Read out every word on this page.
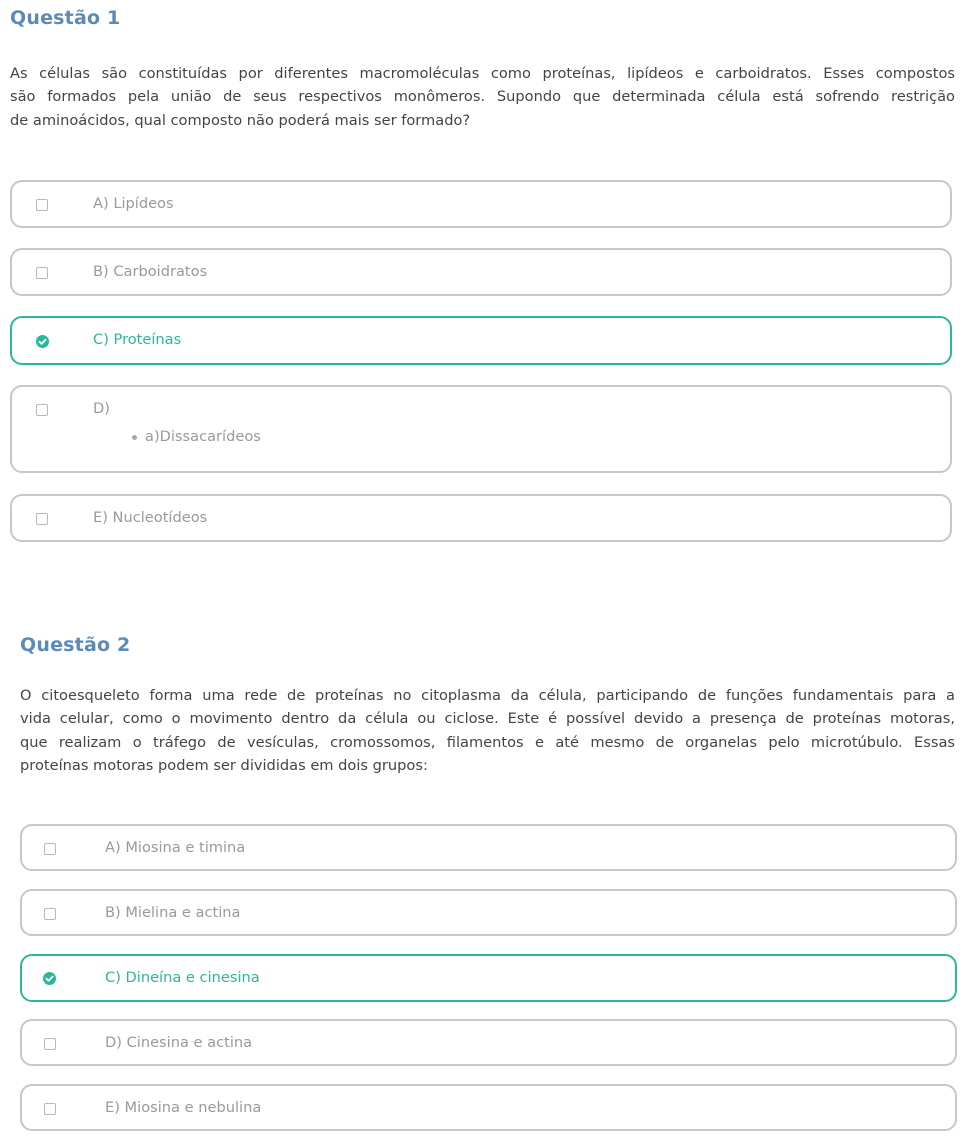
Questão 1
As células são constituídas por diferentes macromoléculas como proteínas, lipídeos e carboidratos. Esses compostos
são formados pela união de seus respectivos monômeros. Supondo que determinada célula está sofrendo restrição
de aminoácidos, qual composto não poderá mais ser formado?
A) Lipídeos
B) Carboidratos
C) Proteínas
D)
a)Dissacarídeos
E) Nucleotídeos
Questão 2
O citoesqueleto forma uma rede de proteínas no citoplasma da célula, participando de funções fundamentais para a
vida celular, como o movimento dentro da célula ou ciclose. Este é possível devido a presença de proteínas motoras,
que realizam o tráfego de vesículas, cromossomos, filamentos e até mesmo de organelas pelo microtúbulo. Essas
proteínas motoras podem ser divididas em dois grupos:
A) Miosina e timina
B) Mielina e actina
C) Dineína e cinesina
D) Cinesina e actina
E) Miosina e nebulina
